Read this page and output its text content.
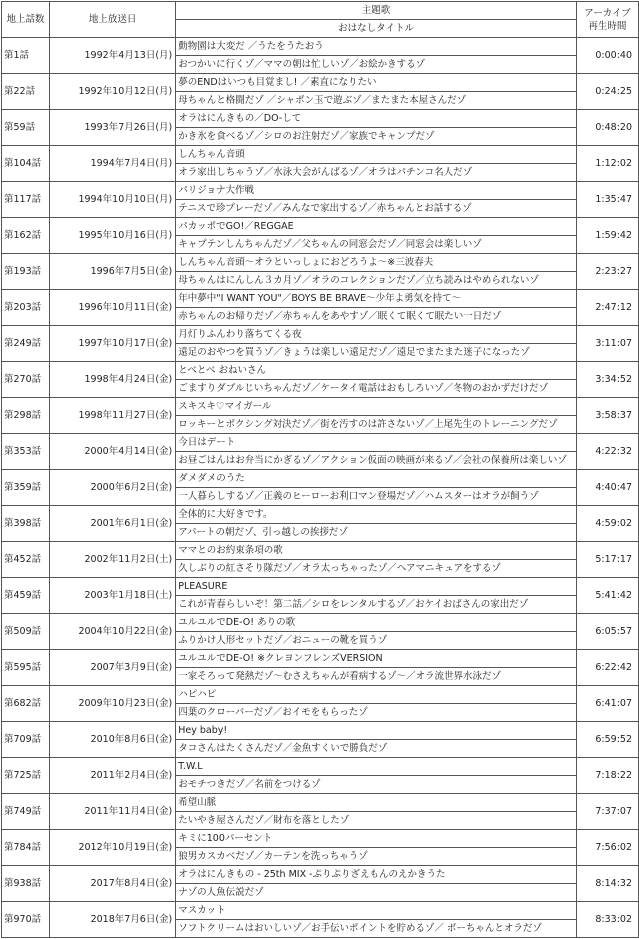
地上話数	地上放送日	主題歌	アーカイブ
再生時間
		おはなしタイトル	
第1話	1992年4月13日(月)	動物園は大変だ ／うたをうたおう	0:00:40
		おつかいに行くゾ／ママの朝は忙しいゾ／お絵かきするゾ	
第22話	1992年10月12日(月)	夢のENDはいつも目覚まし! ／素直になりたい	0:24:25
		母ちゃんと格闘だゾ ／シャボン玉で遊ぶゾ／またまた本屋さんだゾ	
第59話	1993年7月26日(月)	オラはにんきもの／DO-して	0:48:20
		かき氷を食べるゾ／シロのお注射だゾ／家族でキャンプだゾ	
第104話	1994年7月4日(月)	しんちゃん音頭	1:12:02
		オラ家出しちゃうゾ／水泳大会がんばるゾ／オラはパチンコ名人だゾ	
第117話	1994年10月10日(月)	パリジョナ大作戦	1:35:47
		テニスで珍プレーだゾ／みんなで家出するゾ／赤ちゃんとお話するゾ	
第162話	1995年10月16日(月)	パカッポでGO!／REGGAE	1:59:42
		キャプテンしんちゃんだゾ／父ちゃんの同窓会だゾ／同窓会は楽しいゾ	
第193話	1996年7月5日(金)	しんちゃん音頭～オラといっしょにおどろうよ～※三波春夫	2:23:27
		母ちゃんはにんしん３カ月ゾ／オラのコレクションだゾ／立ち読みはやめられないゾ	
第203話	1996年10月11日(金)	年中夢中"I WANT YOU"／BOYS BE BRAVE～少年よ勇気を持て～	2:47:12
		赤ちゃんのお帰りだゾ／赤ちゃんをあやすゾ／眠くて眠くて眠たい一日だゾ	
第249話	1997年10月17日(金)	月灯りふんわり落ちてくる夜	3:11:07
		遠足のおやつを買うゾ／きょうは楽しい遠足だゾ／遠足でまたまた迷子になったゾ	
第270話	1998年4月24日(金)	とべとべ おねいさん	3:34:52
		ごますりダブルじいちゃんだゾ／ケータイ電話はおもしろいゾ／冬物のおかずだけだゾ	
第298話	1998年11月27日(金)	スキスキ♡マイガール	3:58:37
		ロッキーとボクシング対決だゾ／街を汚すのは許さないゾ／上尾先生のトレーニングだゾ	
第353話	2000年4月14日(金)	今日はデート	4:22:32
		お昼ごはんはお弁当にかぎるゾ／アクション仮面の映画が来るゾ／会社の保養所は楽しいゾ	
第359話	2000年6月2日(金)	ダメダメのうた	4:40:47
		一人暮らしするゾ／正義のヒーローお利口マン登場だゾ／ハムスターはオラが飼うゾ	
第398話	2001年6月1日(金)	全体的に大好きです。	4:59:02
		アパートの朝だゾ、引っ越しの挨拶だゾ	
第452話	2002年11月2日(土)	ママとのお約束条項の歌	5:17:17
		久しぶりの紅さそり隊だゾ／オラ太っちゃったゾ／ヘアマニキュアをするゾ	
第459話	2003年1月18日(土)	PLEASURE	5:41:42
		これが青春らしいぞ！第二話／シロをレンタルするゾ／おケイおばさんの家出だゾ	
第509話	2004年10月22日(金)	ユルユルでDE-O! ありの歌	6:05:57
		ふりかけ人形セットだゾ／おニューの靴を買うゾ	
第595話	2007年3月9日(金)	ユルユルでDE-O! ※クレヨンフレンズVERSION	6:22:42
		一家そろって発熱だゾ～むさえちゃんが看病するゾ～／オラ流世界水泳だゾ	
第682話	2009年10月23日(金)	ハピハピ	6:41:07
		四葉のクローバーだゾ／おイモをもらったゾ	
第709話	2010年8月6日(金)	Hey baby!	6:59:52
		タコさんはたくさんだゾ／金魚すくいで勝負だゾ	
第725話	2011年2月4日(金)	T.W.L	7:18:22
		おモチつきだゾ／名前をつけるゾ	
第749話	2011年11月4日(金)	希望山脈	7:37:07
		たいやき屋さんだゾ／財布を落としたゾ	
第784話	2012年10月19日(金)	キミに100パーセント	7:56:02
		狼男カスカベだゾ／カーテンを洗っちゃうゾ	
第938話	2017年8月4日(金)	オラはにんきもの - 25th MIX -ぷりぷりざえもんのえかきうた	8:14:32
		ナゾの人魚伝説だゾ	
第970話	2018年7月6日(金)	マスカット	8:33:02
		ソフトクリームはおいしいゾ／お手伝いポイントを貯めるゾ／ ボーちゃんとオラだゾ	
